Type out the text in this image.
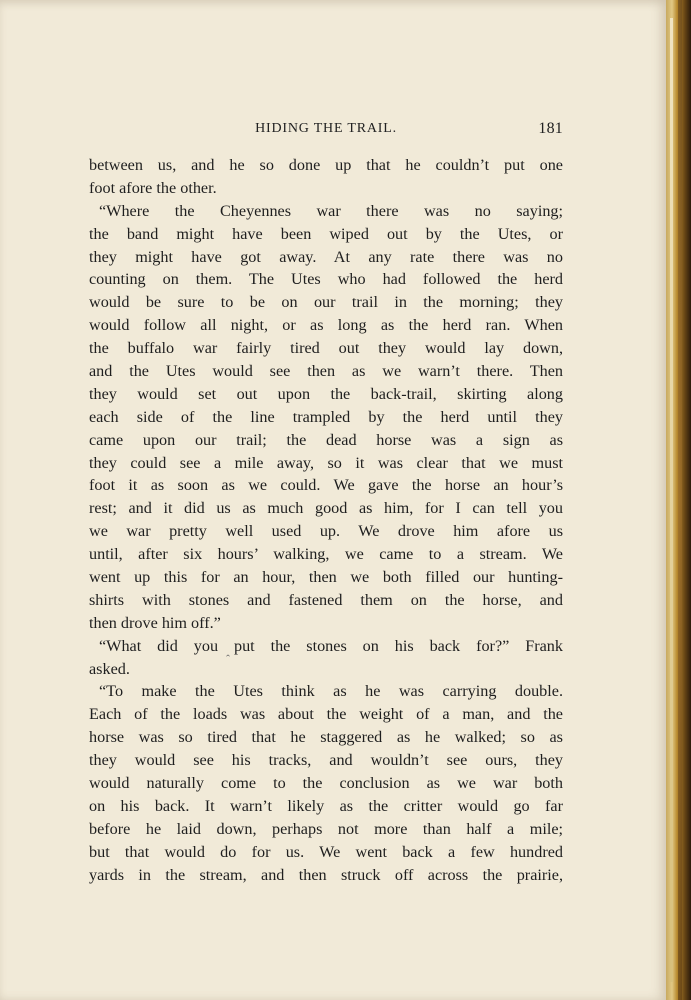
HIDING THE TRAIL.	181
between us, and he so done up that he couldn’t put one
foot afore the other.
“Where the Cheyennes war there was no saying;
the band might have been wiped out by the Utes, or
they might have got away. At any rate there was no
counting on them. The Utes who had followed the herd
would be sure to be on our trail in the morning; they
would follow all night, or as long as the herd ran. When
the buffalo war fairly tired out they would lay down,
and the Utes would see then as we warn’t there. Then
they would set out upon the back-trail, skirting along
each side of the line trampled by the herd until they
came upon our trail; the dead horse was a sign as
they could see a mile away, so it was clear that we must
foot it as soon as we could. We gave the horse an hour’s
rest; and it did us as much good as him, for I can tell you
we war pretty well used up. We drove him afore us
until, after six hours’ walking, we came to a stream. We
went up this for an hour, then we both filled our hunting-
shirts with stones and fastened them on the horse, and
then drove him off.”
“What did you put the stones on his back for?” Frank
asked.
“To make the Utes think as he was carrying double.
Each of the loads was about the weight of a man, and the
horse was so tired that he staggered as he walked; so as
they would see his tracks, and wouldn’t see ours, they
would naturally come to the conclusion as we war both
on his back. It warn’t likely as the critter would go far
before he laid down, perhaps not more than half a mile;
but that would do for us. We went back a few hundred
yards in the stream, and then struck off across the prairie,
ˆ
